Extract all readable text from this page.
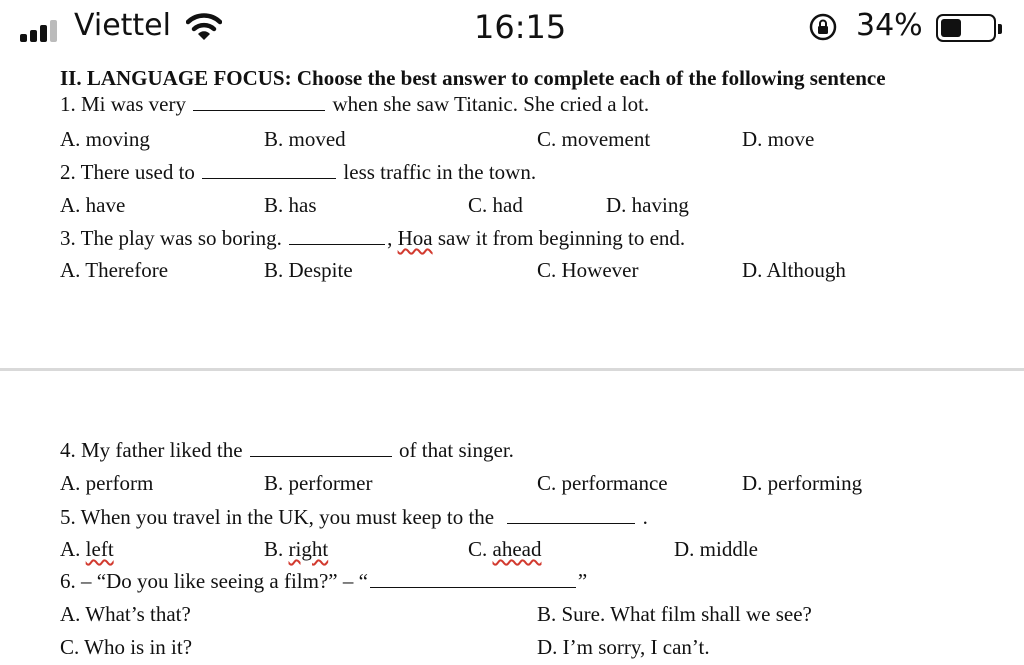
Viettel	16:15	34%
II. LANGUAGE FOCUS: Choose the best answer to complete each of the following sentence
1. Mi was very	when she saw Titanic. She cried a lot.
A. moving	B. moved	C. movement	D. move
2. There used to	less traffic in the town.
A. have	B. has	C. had	D. having
3. The play was so boring.	, Hoa saw it from beginning to end.
A. Therefore	B. Despite	C. However	D. Although
4. My father liked the	of that singer.
A. perform	B. performer	C. performance	D. performing
5. When you travel in the UK, you must keep to the	.
A. left	B. right	C. ahead	D. middle
6. – “Do you like seeing a film?” – “	”
A. What’s that?	B. Sure. What film shall we see?
C. Who is in it?	D. I’m sorry, I can’t.
